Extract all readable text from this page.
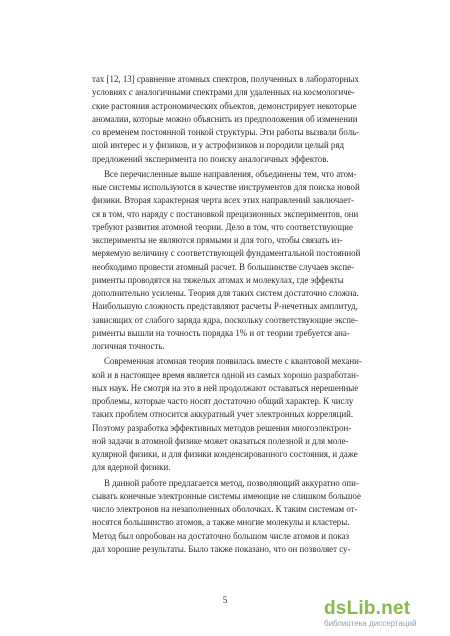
тах [12, 13] сравнение атомных спектров, полученных в лабораторных
условиях с аналогичными спектрами для удаленных на космологиче-
ские растояния астрономических объектов, демонстрирует некоторые
аномалии, которые можно объяснить из предположения об изменении
со временем постоянной тонкой структуры. Эти работы вызвали боль-
шой интерес и у физиков, и у астрофизиков и породили целый ряд
предложений эксперимента по поиску аналогичных эффектов.
Все перечисленные выше направления, объединены тем, что атом-
ные системы используются в качестве инструментов для поиска новой
физики. Вторая характерная черта всех этих направлений заключает-
ся в том, что наряду с постановкой прецизионных экспериментов, они
требуют развития атомной теории. Дело в том, что соответствующие
эксперименты не являются прямыми и для того, чтобы связать из-
меряемую величину с соответствующей фундаментальной постоянной
необходимо провести атомный расчет. В большинстве случаев экспе-
рименты проводятся на тяжелых атомах и молекулах, где эффекты
дополнительно усилены. Теория для таких систем достаточно сложна.
Наибольшую сложность представляют расчеты P-нечетных амплитуд,
зависящих от слабого заряда ядра, поскольку соответствующие экспе-
рименты вышли на точность порядка 1% и от теории требуется ана-
логичная точность.
Современная атомная теория появилась вместе с квантовой механи-
кой и в настоящее время является одной из самых хорошо разработан-
ных наук. Не смотря на это в ней продолжают оставаться нерешенные
проблемы, которые часто носят достаточно общий характер. К числу
таких проблем относится аккуратный учет электронных корреляций.
Поэтому разработка эффективных методов решения многоэлектрон-
ной задачи в атомной физике может оказаться полезной и для моле-
кулярной физики, и для физики конденсированного состояния, и даже
для ядерной физики.
В данной работе предлагается метод, позволяющий аккуратно опи-
сывать конечные электронные системы имеющие не слишком большое
число электронов на незаполненных оболочках. К таким системам от-
носятся большинство атомов, а также многие молекулы и кластеры.
Метод был опробован на достаточно большом числе атомов и показ
дал хорошие результаты. Было также показано, что он позволяет су-
5	dsLib.net
библиотека диссертаций
